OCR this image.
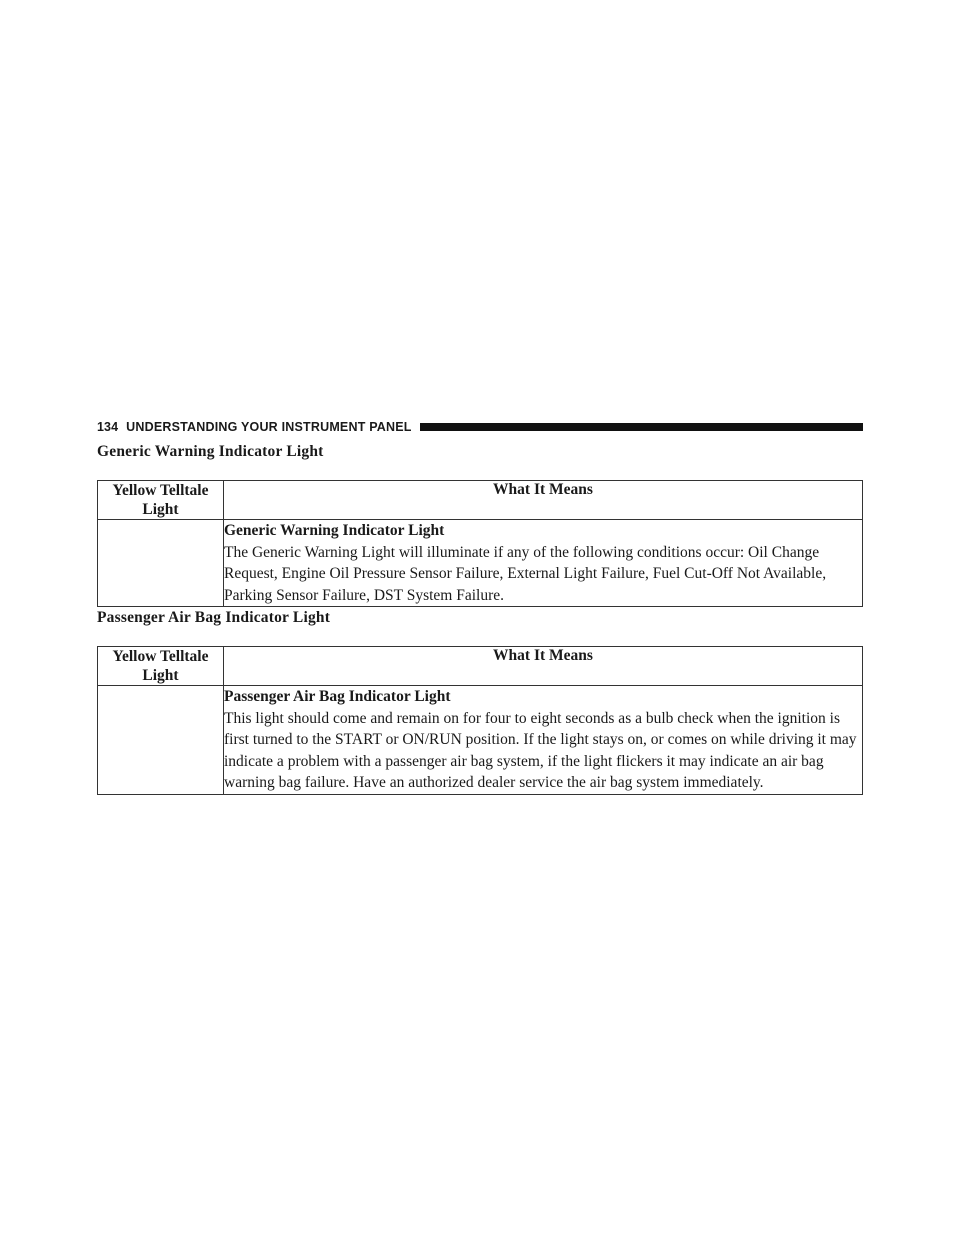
134 UNDERSTANDING YOUR INSTRUMENT PANEL
Generic Warning Indicator Light
Yellow Telltale Light	What It Means

	Generic Warning Indicator Light
The Generic Warning Light will illuminate if any of the following conditions occur: Oil Change Request, Engine Oil Pressure Sensor Failure, External Light Failure, Fuel Cut-Off Not Available, Parking Sensor Failure, DST System Failure.
Passenger Air Bag Indicator Light
Yellow Telltale Light	What It Means

	Passenger Air Bag Indicator Light
This light should come and remain on for four to eight seconds as a bulb check when the ignition is first turned to the START or ON/RUN position. If the light stays on, or comes on while driving it may indicate a problem with a passenger air bag system, if the light flickers it may indicate an air bag warning bag failure. Have an authorized dealer service the air bag system immediately.
